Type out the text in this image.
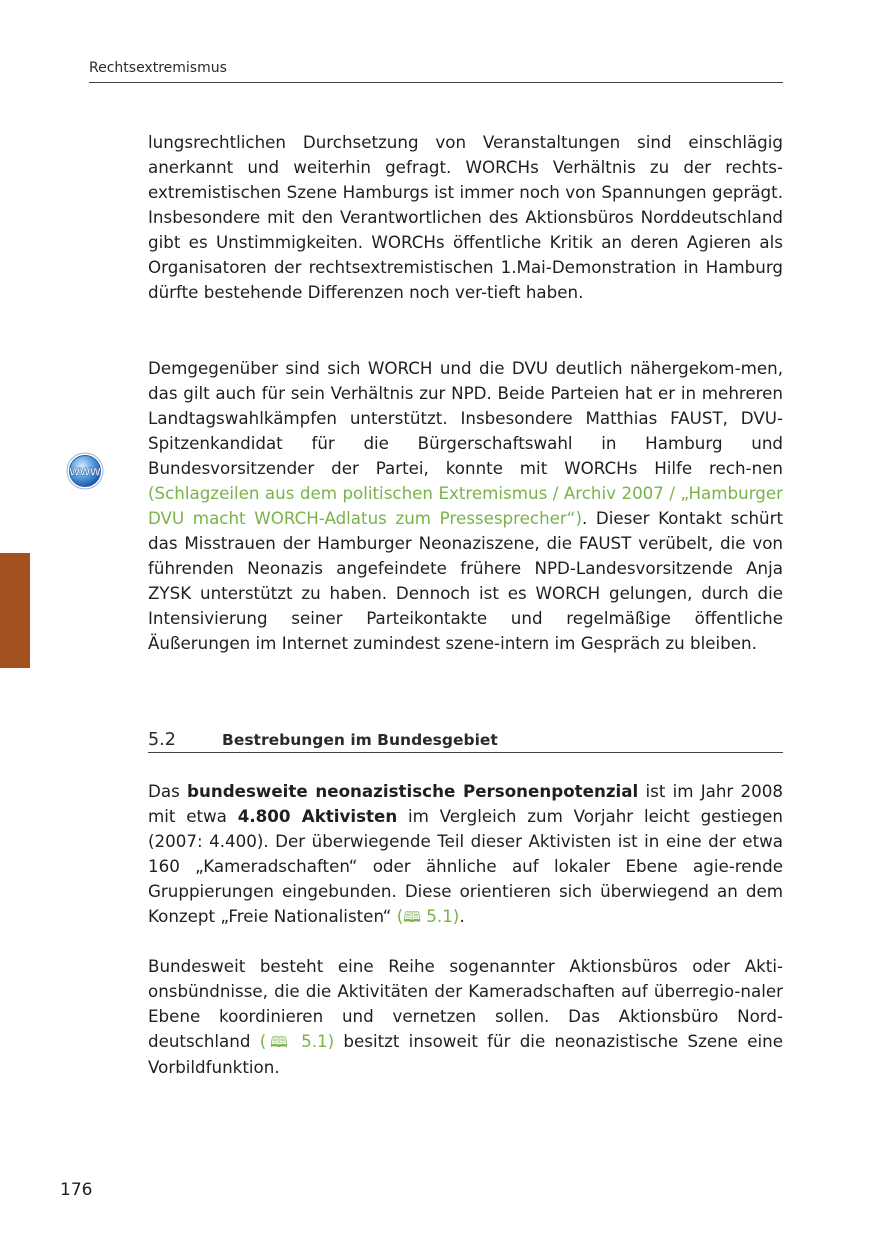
Rechtsextremismus
WWW

lungsrechtlichen Durchsetzung von Veranstaltungen sind einschlägig anerkannt und weiterhin gefragt. WORCHs Verhältnis zu der rechts-extremistischen Szene Hamburgs ist immer noch von Spannungen geprägt. Insbesondere mit den Verantwortlichen des Aktionsbüros Norddeutschland gibt es Unstimmigkeiten. WORCHs öffentliche Kritik an deren Agieren als Organisatoren der rechtsextremistischen 1.Mai-Demonstration in Hamburg dürfte bestehende Differenzen noch ver-tieft haben.

Demgegenüber sind sich WORCH und die DVU deutlich nähergekom-men, das gilt auch für sein Verhältnis zur NPD. Beide Parteien hat er in mehreren Landtagswahlkämpfen unterstützt. Insbesondere Matthias FAUST, DVU-Spitzenkandidat für die Bürgerschaftswahl in Hamburg und Bundesvorsitzender der Partei, konnte mit WORCHs Hilfe rech-nen (Schlagzeilen aus dem politischen Extremismus / Archiv 2007 / „Hamburger DVU macht WORCH-Adlatus zum Pressesprecher“). Dieser Kontakt schürt das Misstrauen der Hamburger Neonaziszene, die FAUST verübelt, die von führenden Neonazis angefeindete frühere NPD-Landesvorsitzende Anja ZYSK unterstützt zu haben. Dennoch ist es WORCH gelungen, durch die Intensivierung seiner Parteikontakte und regelmäßige öffentliche Äußerungen im Internet zumindest szene-intern im Gespräch zu bleiben.

5.2	Bestrebungen im Bundesgebiet

Das bundesweite neonazistische Personenpotenzial ist im Jahr 2008 mit etwa 4.800 Aktivisten im Vergleich zum Vorjahr leicht gestiegen (2007: 4.400). Der überwiegende Teil dieser Aktivisten ist in eine der etwa 160 „Kameradschaften“ oder ähnliche auf lokaler Ebene agie-rende Gruppierungen eingebunden. Diese orientieren sich überwiegend an dem Konzept „Freie Nationalisten“ (🕮 5.1).

Bundesweit besteht eine Reihe sogenannter Aktionsbüros oder Akti-onsbündnisse, die die Aktivitäten der Kameradschaften auf überregio-naler Ebene koordinieren und vernetzen sollen. Das Aktionsbüro Nord-deutschland (🕮 5.1) besitzt insoweit für die neonazistische Szene eine Vorbildfunktion.

176
